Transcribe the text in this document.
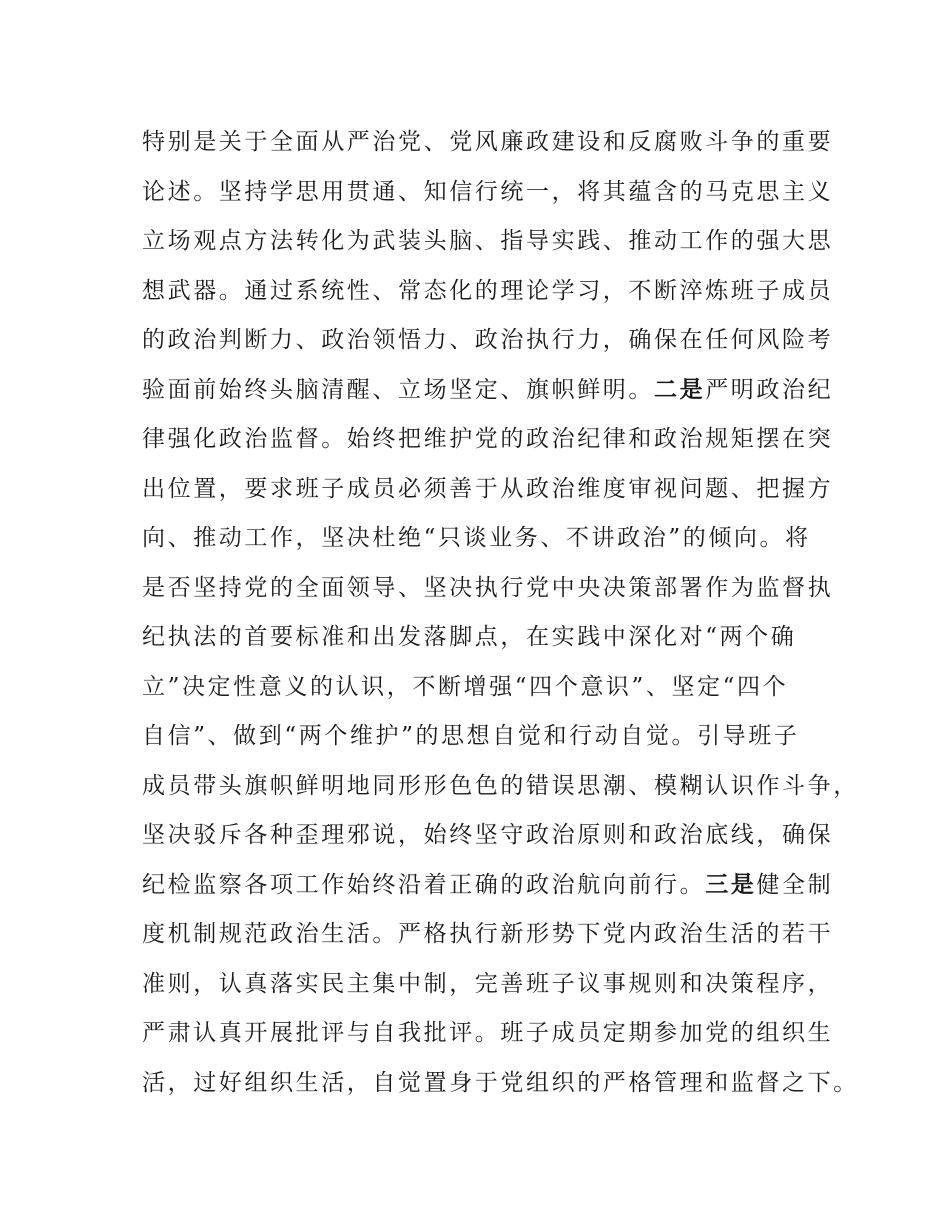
特别是关于全面从严治党、党风廉政建设和反腐败斗争的重要
论述。坚持学思用贯通、知信行统一，将其蕴含的马克思主义
立场观点方法转化为武装头脑、指导实践、推动工作的强大思
想武器。通过系统性、常态化的理论学习，不断淬炼班子成员
的政治判断力、政治领悟力、政治执行力，确保在任何风险考
验面前始终头脑清醒、立场坚定、旗帜鲜明。二是严明政治纪
律强化政治监督。始终把维护党的政治纪律和政治规矩摆在突
出位置，要求班子成员必须善于从政治维度审视问题、把握方
向、推动工作，坚决杜绝“只谈业务、不讲政治”的倾向。将
是否坚持党的全面领导、坚决执行党中央决策部署作为监督执
纪执法的首要标准和出发落脚点，在实践中深化对“两个确
立”决定性意义的认识，不断增强“四个意识”、坚定“四个
自信”、做到“两个维护”的思想自觉和行动自觉。引导班子
成员带头旗帜鲜明地同形形色色的错误思潮、模糊认识作斗争，
坚决驳斥各种歪理邪说，始终坚守政治原则和政治底线，确保
纪检监察各项工作始终沿着正确的政治航向前行。三是健全制
度机制规范政治生活。严格执行新形势下党内政治生活的若干
准则，认真落实民主集中制，完善班子议事规则和决策程序，
严肃认真开展批评与自我批评。班子成员定期参加党的组织生
活，过好组织生活，自觉置身于党组织的严格管理和监督之下。
